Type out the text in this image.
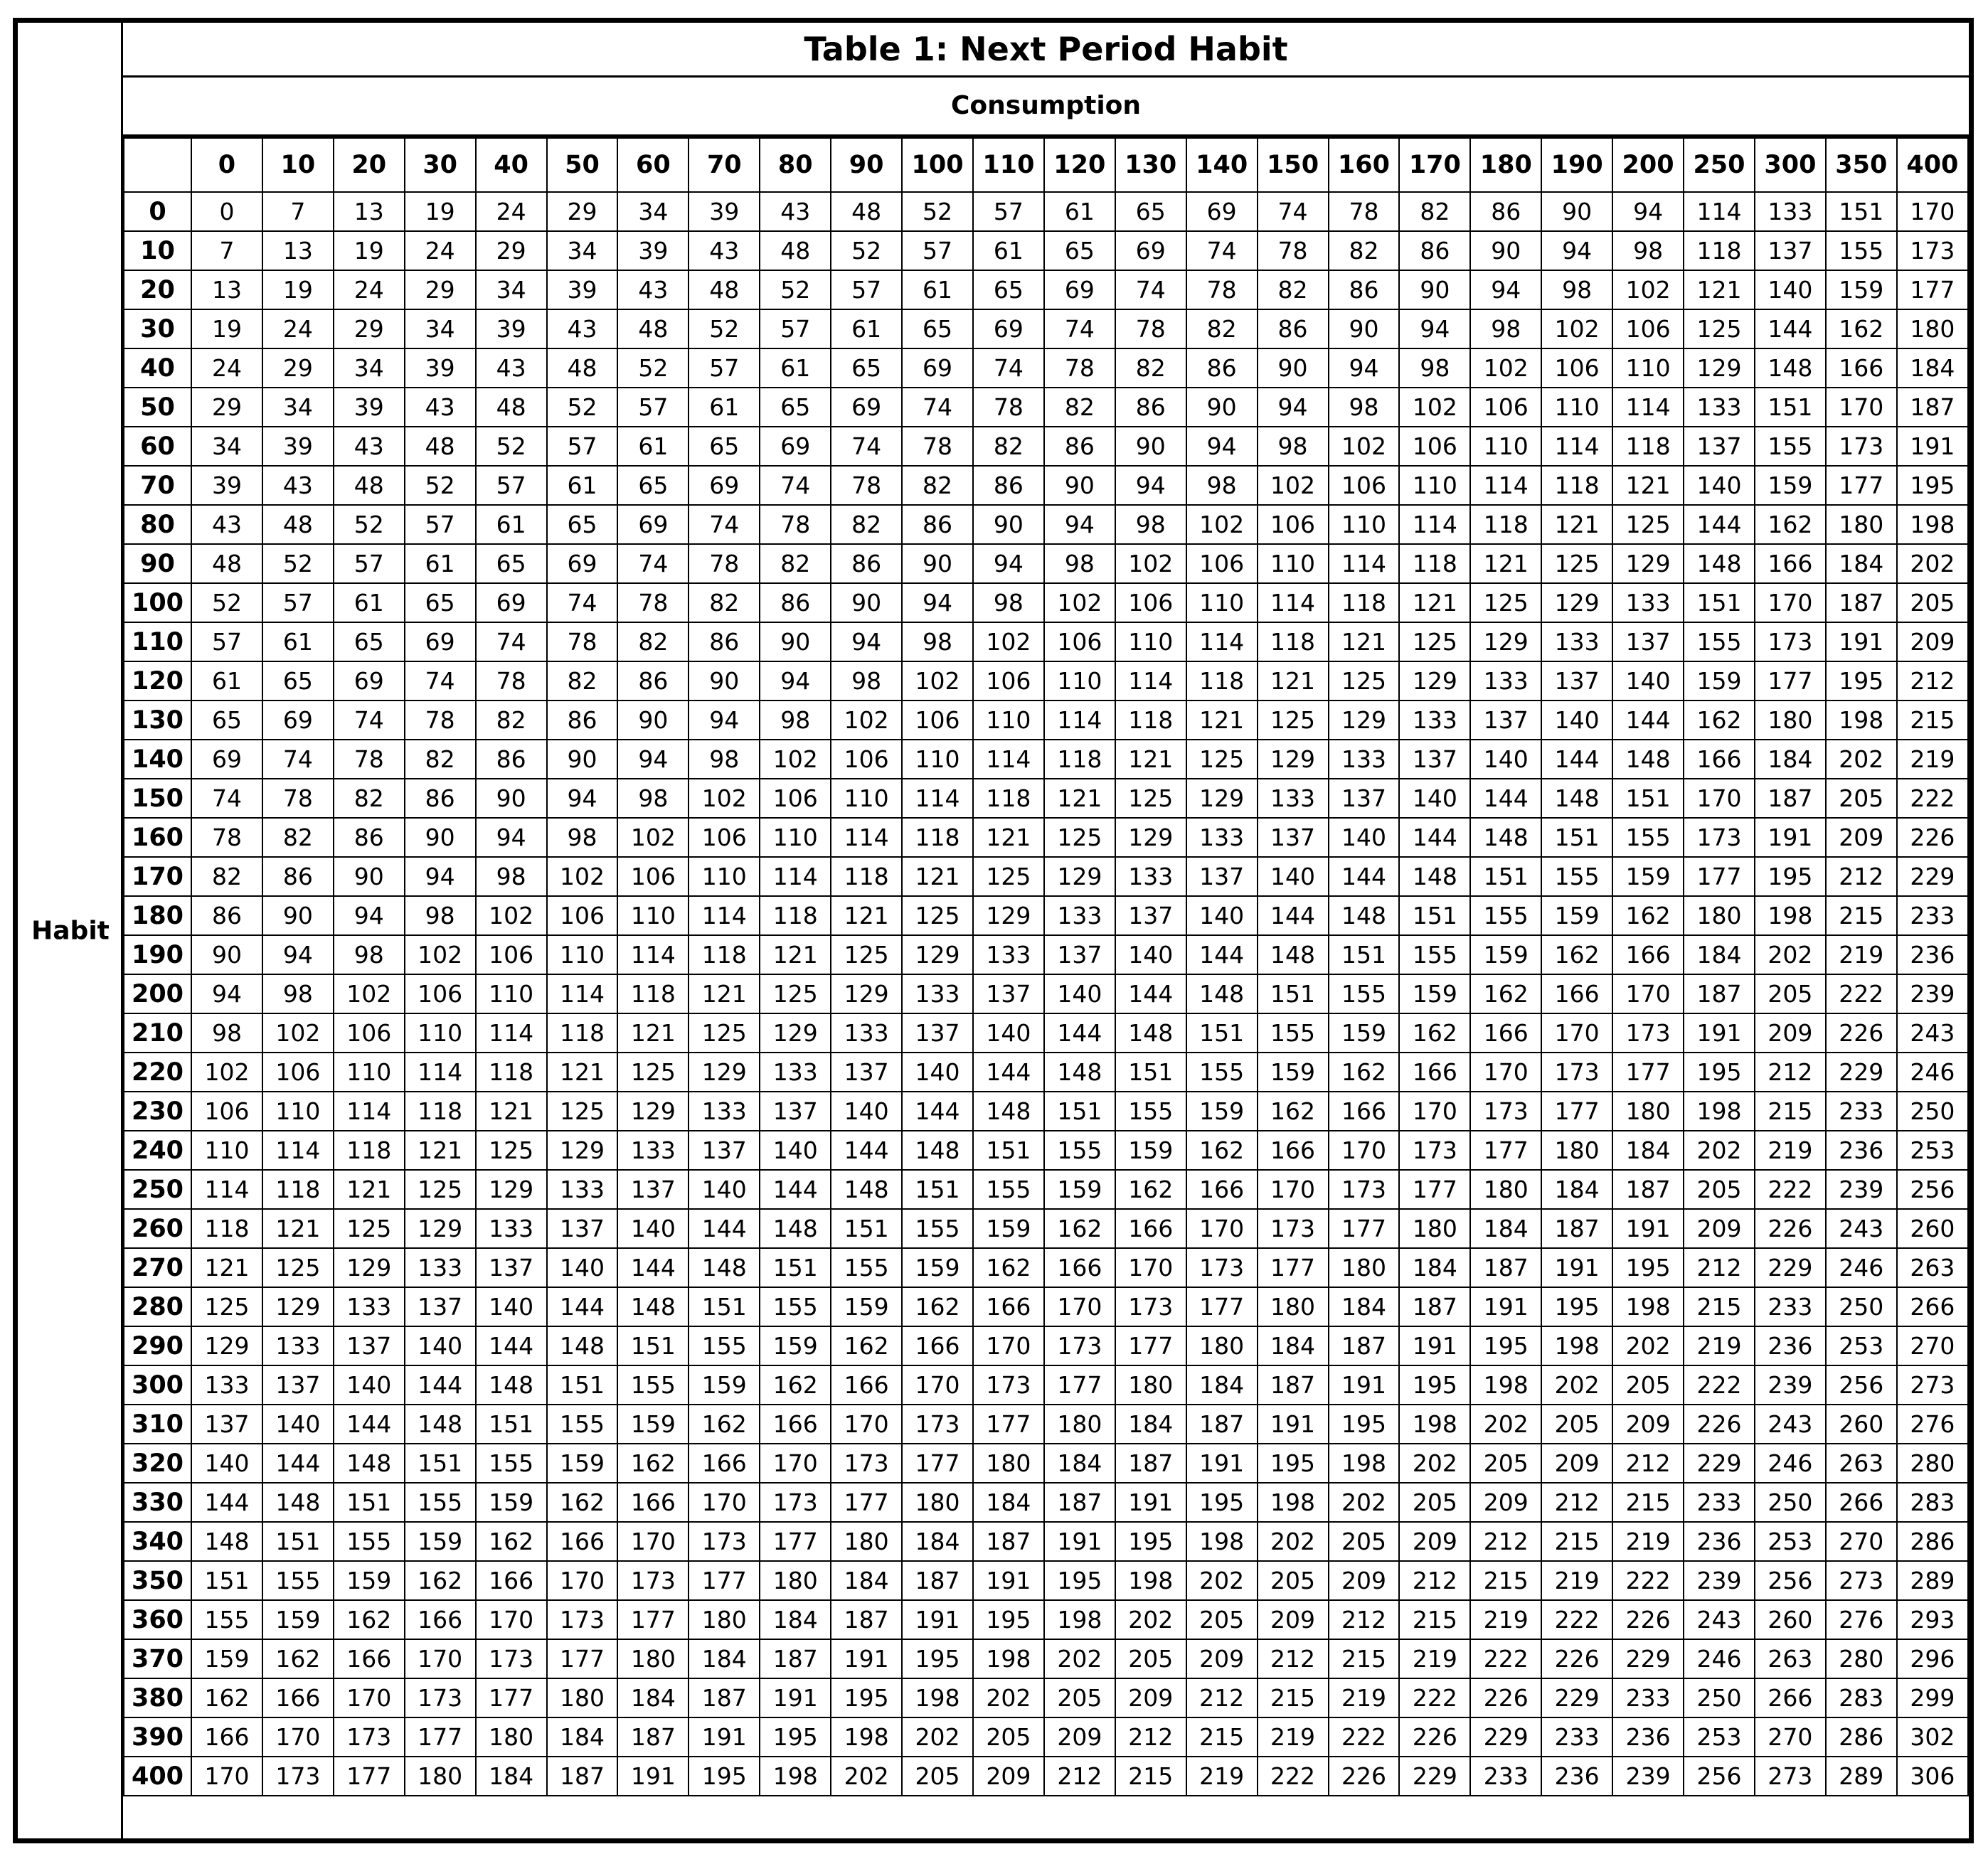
Habit
Table 1: Next Period Habit
Consumption
	0	10	20	30	40	50	60	70	80	90	100	110	120	130	140	150	160	170	180	190	200	250	300	350	400
0	0	7	13	19	24	29	34	39	43	48	52	57	61	65	69	74	78	82	86	90	94	114	133	151	170
10	7	13	19	24	29	34	39	43	48	52	57	61	65	69	74	78	82	86	90	94	98	118	137	155	173
20	13	19	24	29	34	39	43	48	52	57	61	65	69	74	78	82	86	90	94	98	102	121	140	159	177
30	19	24	29	34	39	43	48	52	57	61	65	69	74	78	82	86	90	94	98	102	106	125	144	162	180
40	24	29	34	39	43	48	52	57	61	65	69	74	78	82	86	90	94	98	102	106	110	129	148	166	184
50	29	34	39	43	48	52	57	61	65	69	74	78	82	86	90	94	98	102	106	110	114	133	151	170	187
60	34	39	43	48	52	57	61	65	69	74	78	82	86	90	94	98	102	106	110	114	118	137	155	173	191
70	39	43	48	52	57	61	65	69	74	78	82	86	90	94	98	102	106	110	114	118	121	140	159	177	195
80	43	48	52	57	61	65	69	74	78	82	86	90	94	98	102	106	110	114	118	121	125	144	162	180	198
90	48	52	57	61	65	69	74	78	82	86	90	94	98	102	106	110	114	118	121	125	129	148	166	184	202
100	52	57	61	65	69	74	78	82	86	90	94	98	102	106	110	114	118	121	125	129	133	151	170	187	205
110	57	61	65	69	74	78	82	86	90	94	98	102	106	110	114	118	121	125	129	133	137	155	173	191	209
120	61	65	69	74	78	82	86	90	94	98	102	106	110	114	118	121	125	129	133	137	140	159	177	195	212
130	65	69	74	78	82	86	90	94	98	102	106	110	114	118	121	125	129	133	137	140	144	162	180	198	215
140	69	74	78	82	86	90	94	98	102	106	110	114	118	121	125	129	133	137	140	144	148	166	184	202	219
150	74	78	82	86	90	94	98	102	106	110	114	118	121	125	129	133	137	140	144	148	151	170	187	205	222
160	78	82	86	90	94	98	102	106	110	114	118	121	125	129	133	137	140	144	148	151	155	173	191	209	226
170	82	86	90	94	98	102	106	110	114	118	121	125	129	133	137	140	144	148	151	155	159	177	195	212	229
180	86	90	94	98	102	106	110	114	118	121	125	129	133	137	140	144	148	151	155	159	162	180	198	215	233
190	90	94	98	102	106	110	114	118	121	125	129	133	137	140	144	148	151	155	159	162	166	184	202	219	236
200	94	98	102	106	110	114	118	121	125	129	133	137	140	144	148	151	155	159	162	166	170	187	205	222	239
210	98	102	106	110	114	118	121	125	129	133	137	140	144	148	151	155	159	162	166	170	173	191	209	226	243
220	102	106	110	114	118	121	125	129	133	137	140	144	148	151	155	159	162	166	170	173	177	195	212	229	246
230	106	110	114	118	121	125	129	133	137	140	144	148	151	155	159	162	166	170	173	177	180	198	215	233	250
240	110	114	118	121	125	129	133	137	140	144	148	151	155	159	162	166	170	173	177	180	184	202	219	236	253
250	114	118	121	125	129	133	137	140	144	148	151	155	159	162	166	170	173	177	180	184	187	205	222	239	256
260	118	121	125	129	133	137	140	144	148	151	155	159	162	166	170	173	177	180	184	187	191	209	226	243	260
270	121	125	129	133	137	140	144	148	151	155	159	162	166	170	173	177	180	184	187	191	195	212	229	246	263
280	125	129	133	137	140	144	148	151	155	159	162	166	170	173	177	180	184	187	191	195	198	215	233	250	266
290	129	133	137	140	144	148	151	155	159	162	166	170	173	177	180	184	187	191	195	198	202	219	236	253	270
300	133	137	140	144	148	151	155	159	162	166	170	173	177	180	184	187	191	195	198	202	205	222	239	256	273
310	137	140	144	148	151	155	159	162	166	170	173	177	180	184	187	191	195	198	202	205	209	226	243	260	276
320	140	144	148	151	155	159	162	166	170	173	177	180	184	187	191	195	198	202	205	209	212	229	246	263	280
330	144	148	151	155	159	162	166	170	173	177	180	184	187	191	195	198	202	205	209	212	215	233	250	266	283
340	148	151	155	159	162	166	170	173	177	180	184	187	191	195	198	202	205	209	212	215	219	236	253	270	286
350	151	155	159	162	166	170	173	177	180	184	187	191	195	198	202	205	209	212	215	219	222	239	256	273	289
360	155	159	162	166	170	173	177	180	184	187	191	195	198	202	205	209	212	215	219	222	226	243	260	276	293
370	159	162	166	170	173	177	180	184	187	191	195	198	202	205	209	212	215	219	222	226	229	246	263	280	296
380	162	166	170	173	177	180	184	187	191	195	198	202	205	209	212	215	219	222	226	229	233	250	266	283	299
390	166	170	173	177	180	184	187	191	195	198	202	205	209	212	215	219	222	226	229	233	236	253	270	286	302
400	170	173	177	180	184	187	191	195	198	202	205	209	212	215	219	222	226	229	233	236	239	256	273	289	306
